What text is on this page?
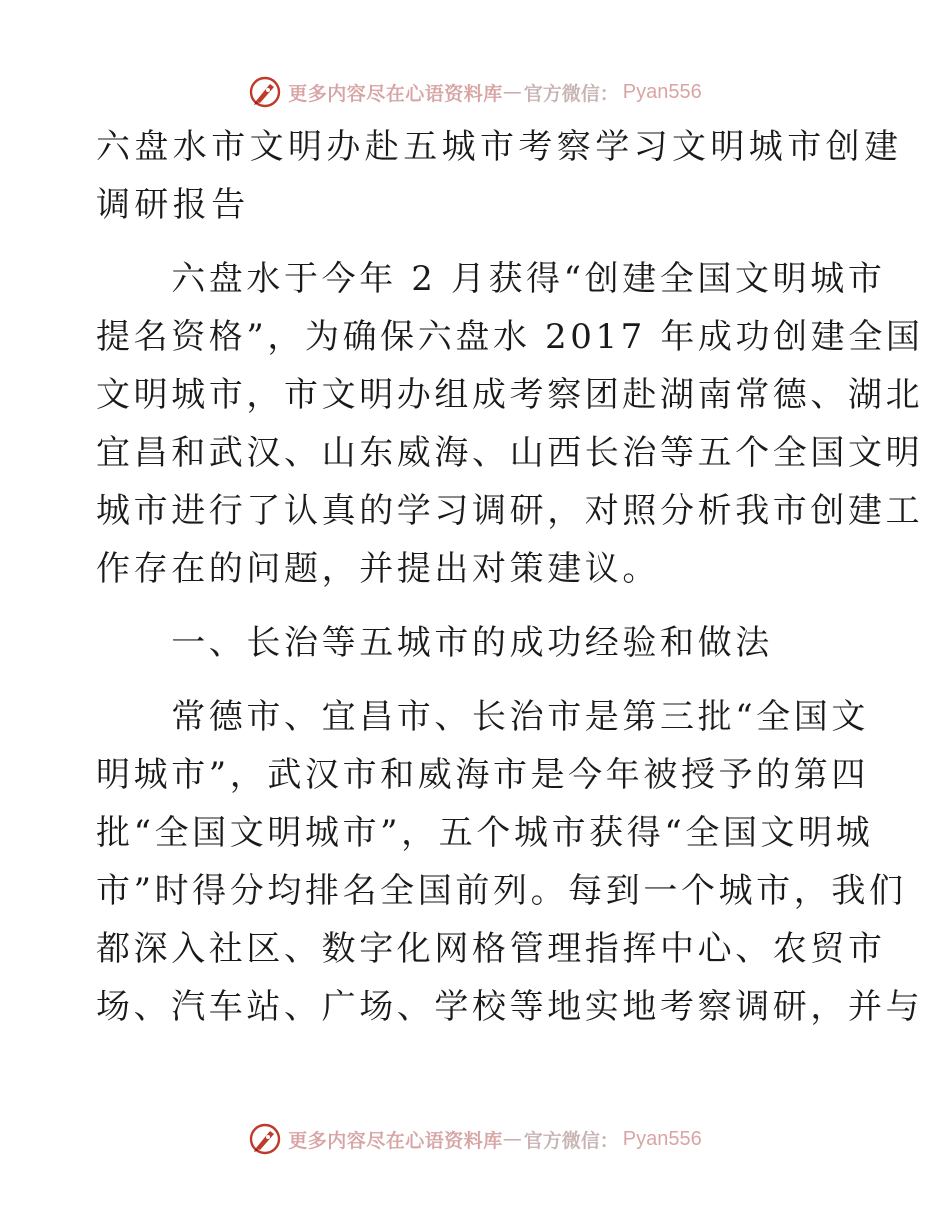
更多内容尽在心语资料库 — 官方微信： Pyan556
六盘水市文明办赴五城市考察学习文明城市创建
调研报告
　　六盘水于今年 2 月获得“创建全国文明城市
提名资格”，为确保六盘水 2017 年成功创建全国
文明城市，市文明办组成考察团赴湖南常德、湖北
宜昌和武汉、山东威海、山西长治等五个全国文明
城市进行了认真的学习调研，对照分析我市创建工
作存在的问题，并提出对策建议。
　　一、长治等五城市的成功经验和做法
　　常德市、宜昌市、长治市是第三批“全国文
明城市”，武汉市和威海市是今年被授予的第四
批“全国文明城市”，五个城市获得“全国文明城
市”时得分均排名全国前列。每到一个城市，我们
都深入社区、数字化网格管理指挥中心、农贸市
场、汽车站、广场、学校等地实地考察调研，并与
更多内容尽在心语资料库 — 官方微信： Pyan556
